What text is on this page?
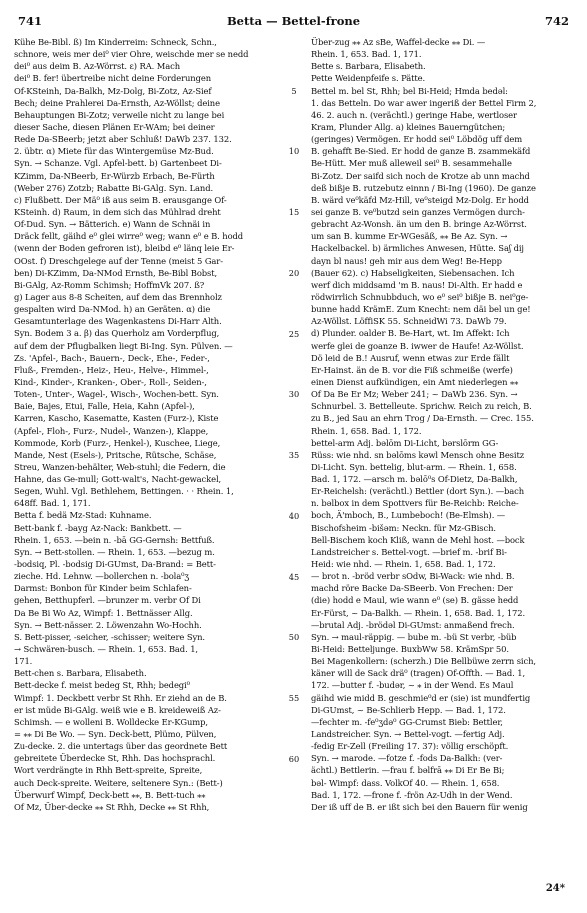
741	Betta — Bettel-frone	742
Kühe Be-Bibl. ß) Im Kinderreim: Schneck, Schn.,
schnore, weis mer dei⁰ vier Ohre, weischde mer se nedd
dei⁰ aus deim B. Az-Wörrst. ε) RA. Mach
dei⁰ B. fer! übertreibe nicht deine Forderungen
Of-KSteinh, Da-Balkh, Mz-Dolg, Bi-Zotz, Az-Sief
Bech; deine Prahlerei Da-Ernsth, Az-Wöllst; deine
Behauptungen Bi-Zotz; verweile nicht zu lange bei
dieser Sache, diesen Plänen Er-WAm; bei deiner
Rede Da-SBeerb; jetzt aber Schluß! DaWb 237. 132.
2. übtr. α) Miete für das Wintergemüse Mz-Bud.
Syn. → Schanze. Vgl. Apfel-bett. b) Gartenbeet Di-
KZimm, Da-NBeerb, Er-Würzb Erbach, Be-Fürth
(Weber 276) Zotzb; Rabatte Bi-GAlg. Syn. Land.
c) Flußbett. Der Mä⁰ iß aus seim B. erausgange Of-
KSteinh. d) Raum, in dem sich das Mühlrad dreht
Of-Dud. Syn. → Bätterich. e) Wann de Schnäi in
Dräck fellt, gäihd e⁰ glei wirre⁰ weg; wann e⁰ e B. hodd
(wenn der Boden gefroren ist), bleibd e⁰ länq leie Er-
OOst. f) Dreschgelege auf der Tenne (meist 5 Gar-
ben) Di-KZimm, Da-NMod Ernsth, Be-Bibl Bobst,
Bi-GAlg, Az-Romm Schimsh; HoffmVk 207. ß?
g) Lager aus 8-8 Scheiten, auf dem das Brennholz
gespalten wird Da-NMod. h) an Geräten. α) die
Gesamtunterlage des Wagenkastens Di-Harr Alth.
Syn. Bodem 3 a. β) das Querholz am Vorderpflug,
auf dem der Pflugbalken liegt Bi-Ing. Syn. Pülven. —
Zs. 'Apfel-, Bach-, Bauern-, Deck-, Ehe-, Feder-,
Fluß-, Fremden-, Heiz-, Heu-, Helve-, Himmel-,
Kind-, Kinder-, Kranken-, Ober-, Roll-, Seiden-,
Toten-, Unter-, Wagel-, Wisch-, Wochen-bett. Syn.
Baie, Bajes, Etui, Falle, Heia, Kahn (Apfel-),
Karren, Kascho, Kasematte, Kasten (Furz-), Kiste
(Apfel-, Floh-, Furz-, Nudel-, Wanzen-), Klappe,
Kommode, Korb (Furz-, Henkel-), Kuschee, Liege,
Mande, Nest (Esels-), Pritsche, Rütsche, Schäse,
Streu, Wanzen-behälter, Web-stuhl; die Federn, die
Hahne, das Ge-mull; Gott-walt's, Nacht-gewackel,
Segen, Wuhl. Vgl. Bethlehem, Bettingen. · · Rhein. 1,
648ff. Bad. 1, 171.
Betta f. bedä Mz-Stad: Kuhname.
Bett-bank f. -bayg Az-Nack: Bankbett. —
Rhein. 1, 653. —bein n. -bā GG-Gernsh: Bettfuß.
Syn. → Bett-stollen. — Rhein. 1, 653. —bezug m.
-bodsiq, Pl. -bodsig Di-GUmst, Da-Brand: = Bett-
zieche. Hd. Lehnw. —bollerchen n. -bola⁰ʒ
Darmst: Bonbon für Kinder beim Schlafen-
gehen, Betthupferl. —brunzer m. verbr Of Di
Da Be Bi Wo Az, Wimpf: 1. Bettnässer Allg.
Syn. → Bett-nässer. 2. Löwenzahn Wo-Hochh.
S. Bett-pisser, -seicher, -schisser; weitere Syn.
→ Schwären-busch. — Rhein. 1, 653. Bad. 1,
171.
Bett-chen s. Barbara, Elisabeth.
Bett-decke f. meist bedeg St, Rhh; bedegi⁰
Wimpf: 1. Deckbett verbr St Rhh. Er ziehd an de B.
er ist müde Bi-GAlg. weiß wie e B. kreideweiß Az-
Schimsh. — e wolleni B. Wolldecke Er-KGump,
= ⁎⁎ Di Be Wo. — Syn. Deck-bett, Plümo, Pülven,
Zu-decke. 2. die untertags über das geordnete Bett
gebreitete Überdecke St, Rhh. Das hochsprachl.
Wort verdrängte in Rhh Bett-spreite, Spreite,
auch Deck-spreite. Weitere, seltenere Syn.: (Bett-)
Überwurf Wimpf, Deck-bett ⁎⁎, B. Bett-tuch ⁎⁎
Of Mz, Über-decke ⁎⁎ St Rhh, Decke ⁎⁎ St Rhh,
5
10
15
20
25
30
35
40
45
50
55
60
Über-zug ⁎⁎ Az sBe, Waffel-decke ⁎⁎ Di. —
Rhein. 1, 653. Bad. 1, 171.
Bette s. Barbara, Elisabeth.
Pette Weidenpfeife s. Pätte.
Bettel m. bel St, Rhh; bel Bi-Heid; Hmda bedəl:
1. das Betteln. Do war awer ingeriß der Bettel Firm 2,
46. 2. auch n. (verächtl.) geringe Habe, wertloser
Kram, Plunder Allg. a) kleines Bauerngütchen;
(geringes) Vermögen. Er hodd sei⁰ Löbdög uff dem
B. gehafft Be-Sied. Er hodd de ganze B. zsammekäfd
Be-Hütt. Mer muß alleweil sei⁰ B. sesammehalle
Bi-Zotz. Der saifd sich noch de Krotze ab unn machd
deß bißje B. rutzebutz einnn / Bi-Ing (1960). De ganze
B. wärd ve⁰käfd Mz-Hill, ve⁰steigd Mz-Dolg. Er hodd
sei ganze B. ve⁰butzd sein ganzes Vermögen durch-
gebracht Az-Wonsh. än um den B. bringe Az-Wörrst.
um san B. kumme Er-WGesäß, ⁎⁎ Be Az. Syn. →
Hackelbackel. b) ärmliches Anwesen, Hütte. Saʃ dij
dayn bl naus! geh mir aus dem Weg! Be-Hepp
(Bauer 62). c) Habseligkeiten, Siebensachen. Ich
werf dich middsamd 'm B. naus! Di-Alth. Er hadd e
rödwirrlich Schnubbduch, wo e⁰ sei⁰ bißje B. nei⁰ge-
bunne hadd KrämE. Zum Knecht: nem däi bel un ge!
Az-Wöllst. LöffiSK 55. SchneidWi 73. DaWb 79.
d) Plunder. oalder B. Be-Hart, wt. Im Affekt: Ich
werfe glei de goanze B. iwwer de Haufe! Az-Wöllst.
Dö leid de B.! Ausruf, wenn etwas zur Erde fällt
Er-Hainst. än de B. vor die Fiß schmeiße (werfe)
einen Dienst aufkündigen, ein Amt niederlegen ⁎⁎
Of Da Be Er Mz; Weber 241; ~ DaWb 236. Syn. →
Schnurbel. 3. Bettelleute. Sprichw. Reich zu reich, B.
zu B., jed Sau an ehrn Trog / Da-Ernsth. — Crec. 155.
Rhein. 1, 658. Bad. 1, 172.
bettel-arm Adj. bəlōm Di-Licht, bərslōrm GG-
Rüss: wie nhd. sn bəlōms kəwl Mensch ohne Besitz
Di-Licht. Syn. bettelig, blut-arm. — Rhein. 1, 658.
Bad. 1, 172. —arsch m. bəlō⁰s Of-Dietz, Da-Balkh,
Er-Reichelsh: (verächtl.) Bettler (dort Syn.). —bach
n. bəlbox in dem Spottvers für Be-Reichb: Reiche-
boch, Ä'mboch, B., Lumbeboch! (Be-Elmsh). —
Bischofsheim -bišəm: Neckn. für Mz-GBisch.
Bell-Bischem koch Kliß, wann de Mehl host. —bock
Landstreicher s. Bettel-vogt. —brief m. -brif Bi-
Heid: wie nhd. — Rhein. 1, 658. Bad. 1, 172.
— brot n. -bröd verbr sOdw, Bi-Wack: wie nhd. B.
machd röre Backe Da-SBeerb. Von Frechen: Der
(die) hodd e Maul, wie wann e⁰ (se) B. gässe hedd
Er-Fürst, ~ Da-Balkh. — Rhein. 1, 658. Bad. 1, 172.
—brutal Adj. -brödəl Di-GUmst: anmaßend frech.
Syn. → maul-räppig. — bube m. -bü St verbr, -büb
Bi-Heid: Betteljunge. BuxbWw 58. KrämSpr 50.
Bei Magenkollern: (scherzh.) Die Bellbüwe zerrn sich,
käner will de Sack drä⁰ (tragen) Of-Offth. — Bad. 1,
172. —butter f. -budər, ~ ⁎ in der Wend. Es Maul
gäihd wie midd B. geschmie⁰d er (sie) ist mundfertig
Di-GUmst, ~ Be-Schlierb Hepp. — Bad. 1, 172.
—fechter m. -fe⁰ʒdə⁰ GG-Crumst Bieb: Bettler,
Landstreicher. Syn. → Bettel-vogt. —fertig Adj.
-fedig Er-Zell (Freiling 17. 37): völlig erschöpft.
Syn. → marode. —fotze f. -fods Da-Balkh: (ver-
ächtl.) Bettlerin. —frau f. bəlfrā ⁎⁎ Di Er Be Bi;
bəl- Wimpf: dass. VolkOf 40. — Rhein. 1, 658.
Bad. 1, 172. —frone f. -frön Az-Udh in der Wend.
Der iß uff de B. er ißt sich bei den Bauern für wenig
24*
